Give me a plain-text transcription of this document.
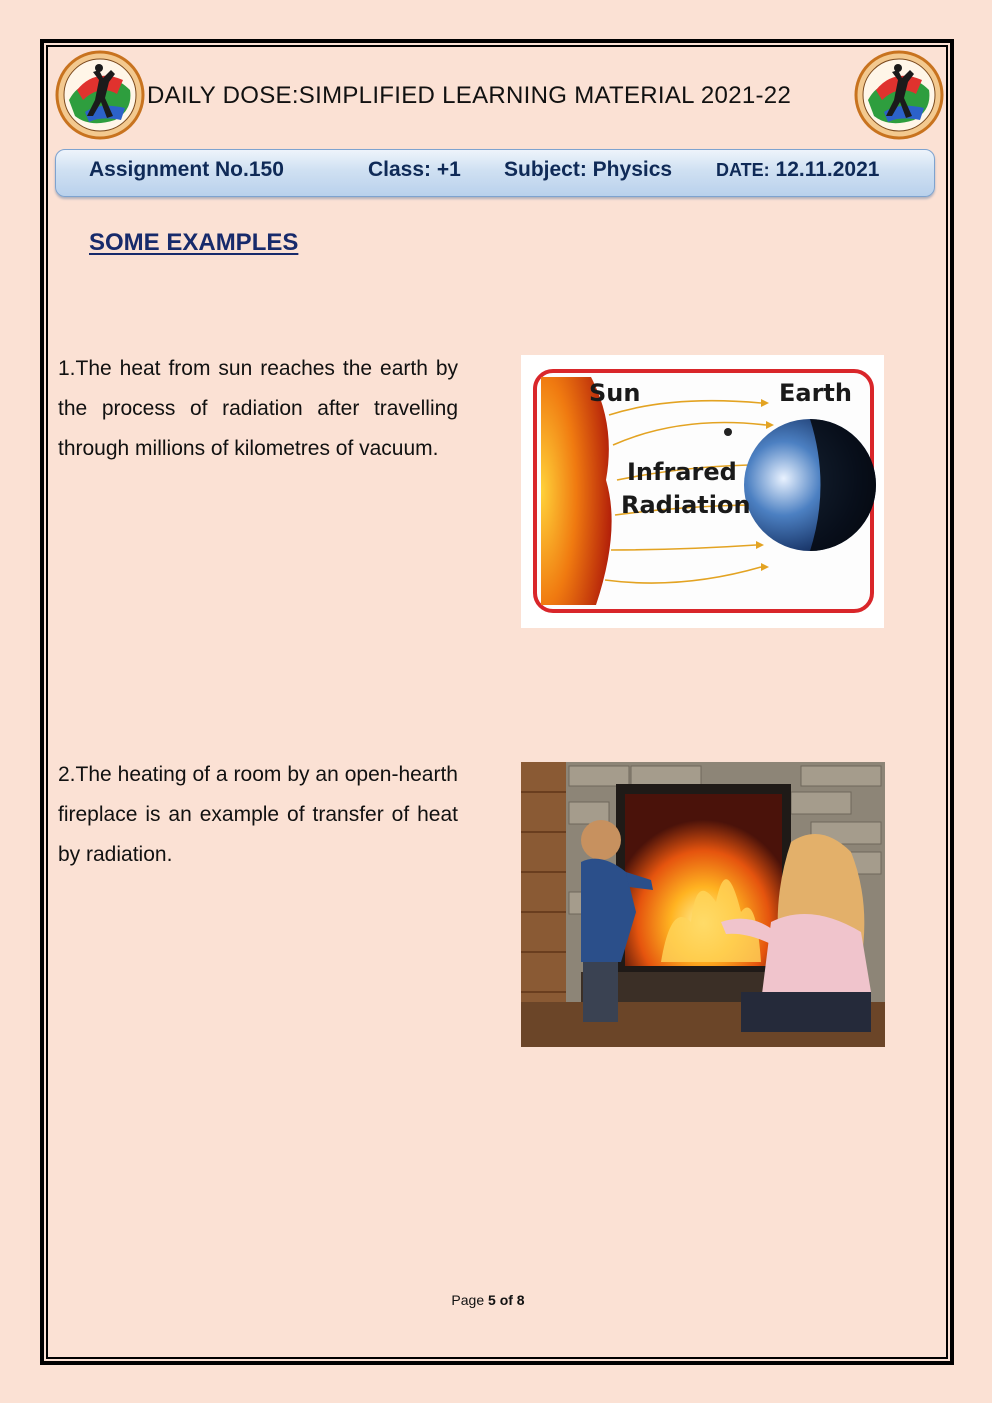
DAILY DOSE:SIMPLIFIED LEARNING MATERIAL 2021-22
Assignment No.150	Class: +1 Subject: Physics DATE: 12.11.2021
SOME EXAMPLES
1.The heat from sun reaches the earth by the process of radiation after travelling through millions of kilometres of vacuum.
Sun	Earth
Infrared
Radiation
2.The heating of a room by an open-hearth fireplace is an example of transfer of heat by radiation.
Page 5 of 8
